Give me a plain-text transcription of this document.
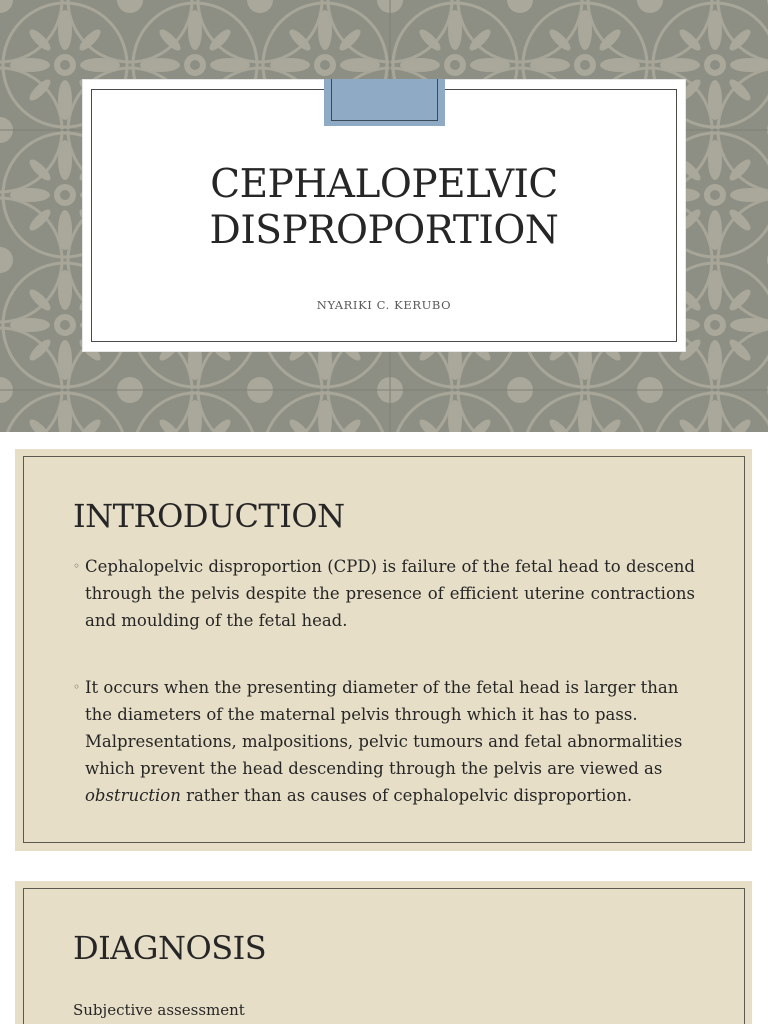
CEPHALOPELVIC
DISPROPORTION
NYARIKI C. KERUBO
INTRODUCTION
◦ Cephalopelvic disproportion (CPD) is failure of the fetal head to descend through the pelvis despite the presence of efficient uterine contractions and moulding of the fetal head.
◦ It occurs when the presenting diameter of the fetal head is larger than the diameters of the maternal pelvis through which it has to pass. Malpresentations, malpositions, pelvic tumours and fetal abnormalities which prevent the head descending through the pelvis are viewed as obstruction rather than as causes of cephalopelvic disproportion.
DIAGNOSIS
Subjective assessment
